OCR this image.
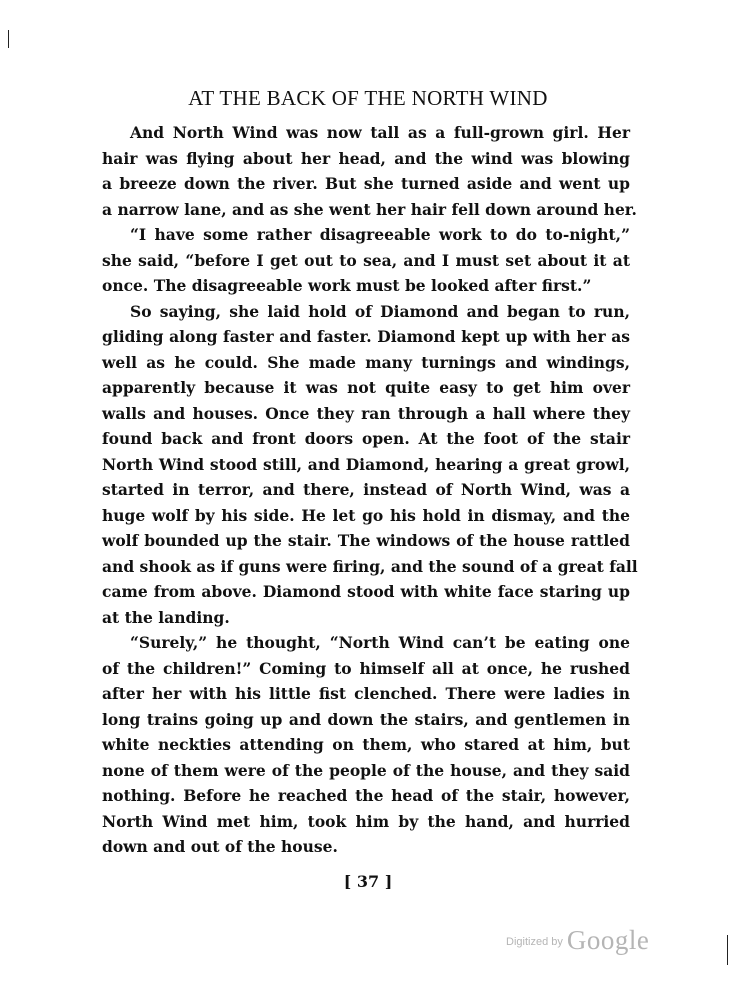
AT THE BACK OF THE NORTH WIND
And North Wind was now tall as a full-grown girl. Her
hair was flying about her head, and the wind was blowing
a breeze down the river. But she turned aside and went up
a narrow lane, and as she went her hair fell down around her.
“I have some rather disagreeable work to do to-night,”
she said, “before I get out to sea, and I must set about it at
once. The disagreeable work must be looked after first.”
So saying, she laid hold of Diamond and began to run,
gliding along faster and faster. Diamond kept up with her as
well as he could. She made many turnings and windings,
apparently because it was not quite easy to get him over
walls and houses. Once they ran through a hall where they
found back and front doors open. At the foot of the stair
North Wind stood still, and Diamond, hearing a great growl,
started in terror, and there, instead of North Wind, was a
huge wolf by his side. He let go his hold in dismay, and the
wolf bounded up the stair. The windows of the house rattled
and shook as if guns were firing, and the sound of a great fall
came from above. Diamond stood with white face staring up
at the landing.
“Surely,” he thought, “North Wind can’t be eating one
of the children!” Coming to himself all at once, he rushed
after her with his little fist clenched. There were ladies in
long trains going up and down the stairs, and gentlemen in
white neckties attending on them, who stared at him, but
none of them were of the people of the house, and they said
nothing. Before he reached the head of the stair, however,
North Wind met him, took him by the hand, and hurried
down and out of the house.
[ 37 ]
$^{Digitized by}$ Google
